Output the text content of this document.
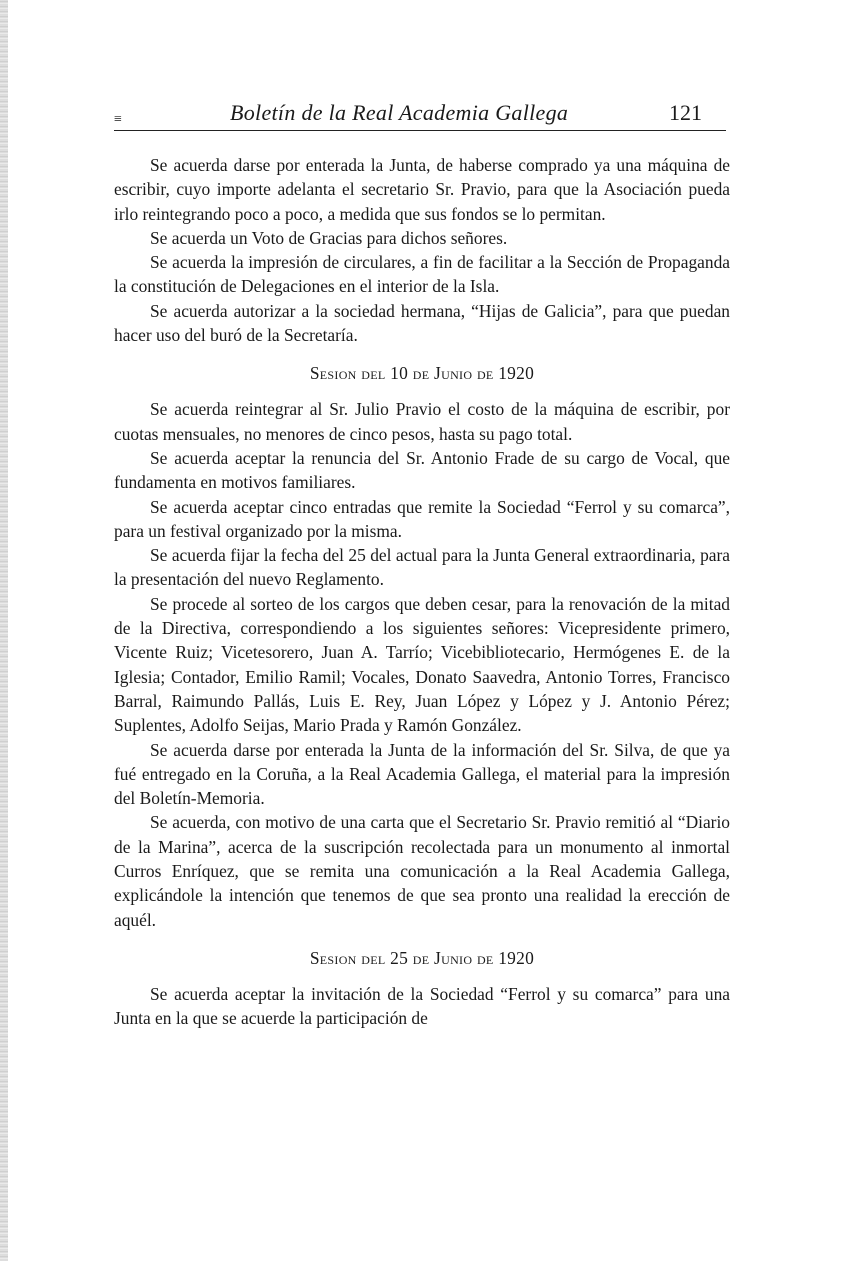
≡	Boletín de la Real Academia Gallega	121

Se acuerda darse por enterada la Junta, de haberse comprado ya una máquina de escribir, cuyo importe adelanta el secretario Sr. Pravio, para que la Asociación pueda irlo reintegrando poco a poco, a medida que sus fondos se lo permitan.

Se acuerda un Voto de Gracias para dichos señores.

Se acuerda la impresión de circulares, a fin de facilitar a la Sección de Propaganda la constitución de Delegaciones en el interior de la Isla.

Se acuerda autorizar a la sociedad hermana, “Hijas de Galicia”, para que puedan hacer uso del buró de la Secretaría.

Sesion del 10 de Junio de 1920

Se acuerda reintegrar al Sr. Julio Pravio el costo de la máquina de escribir, por cuotas mensuales, no menores de cinco pesos, hasta su pago total.

Se acuerda aceptar la renuncia del Sr. Antonio Frade de su cargo de Vocal, que fundamenta en motivos familiares.

Se acuerda aceptar cinco entradas que remite la Sociedad “Ferrol y su comarca”, para un festival organizado por la misma.

Se acuerda fijar la fecha del 25 del actual para la Junta General extraordinaria, para la presentación del nuevo Reglamento.

Se procede al sorteo de los cargos que deben cesar, para la renovación de la mitad de la Directiva, correspondiendo a los siguientes señores: Vicepresidente primero, Vicente Ruiz; Vicetesorero, Juan A. Tarrío; Vicebibliotecario, Hermógenes E. de la Iglesia; Contador, Emilio Ramil; Vocales, Donato Saavedra, Antonio Torres, Francisco Barral, Raimundo Pallás, Luis E. Rey, Juan López y López y J. Antonio Pérez; Suplentes, Adolfo Seijas, Mario Prada y Ramón González.

Se acuerda darse por enterada la Junta de la información del Sr. Silva, de que ya fué entregado en la Coruña, a la Real Academia Gallega, el material para la impresión del Boletín-Memoria.

Se acuerda, con motivo de una carta que el Secretario Sr. Pravio remitió al “Diario de la Marina”, acerca de la suscripción recolectada para un monumento al inmortal Curros Enríquez, que se remita una comunicación a la Real Academia Gallega, explicándole la intención que tenemos de que sea pronto una realidad la erección de aquél.

Sesion del 25 de Junio de 1920

Se acuerda aceptar la invitación de la Sociedad “Ferrol y su comarca” para una Junta en la que se acuerde la participación de
